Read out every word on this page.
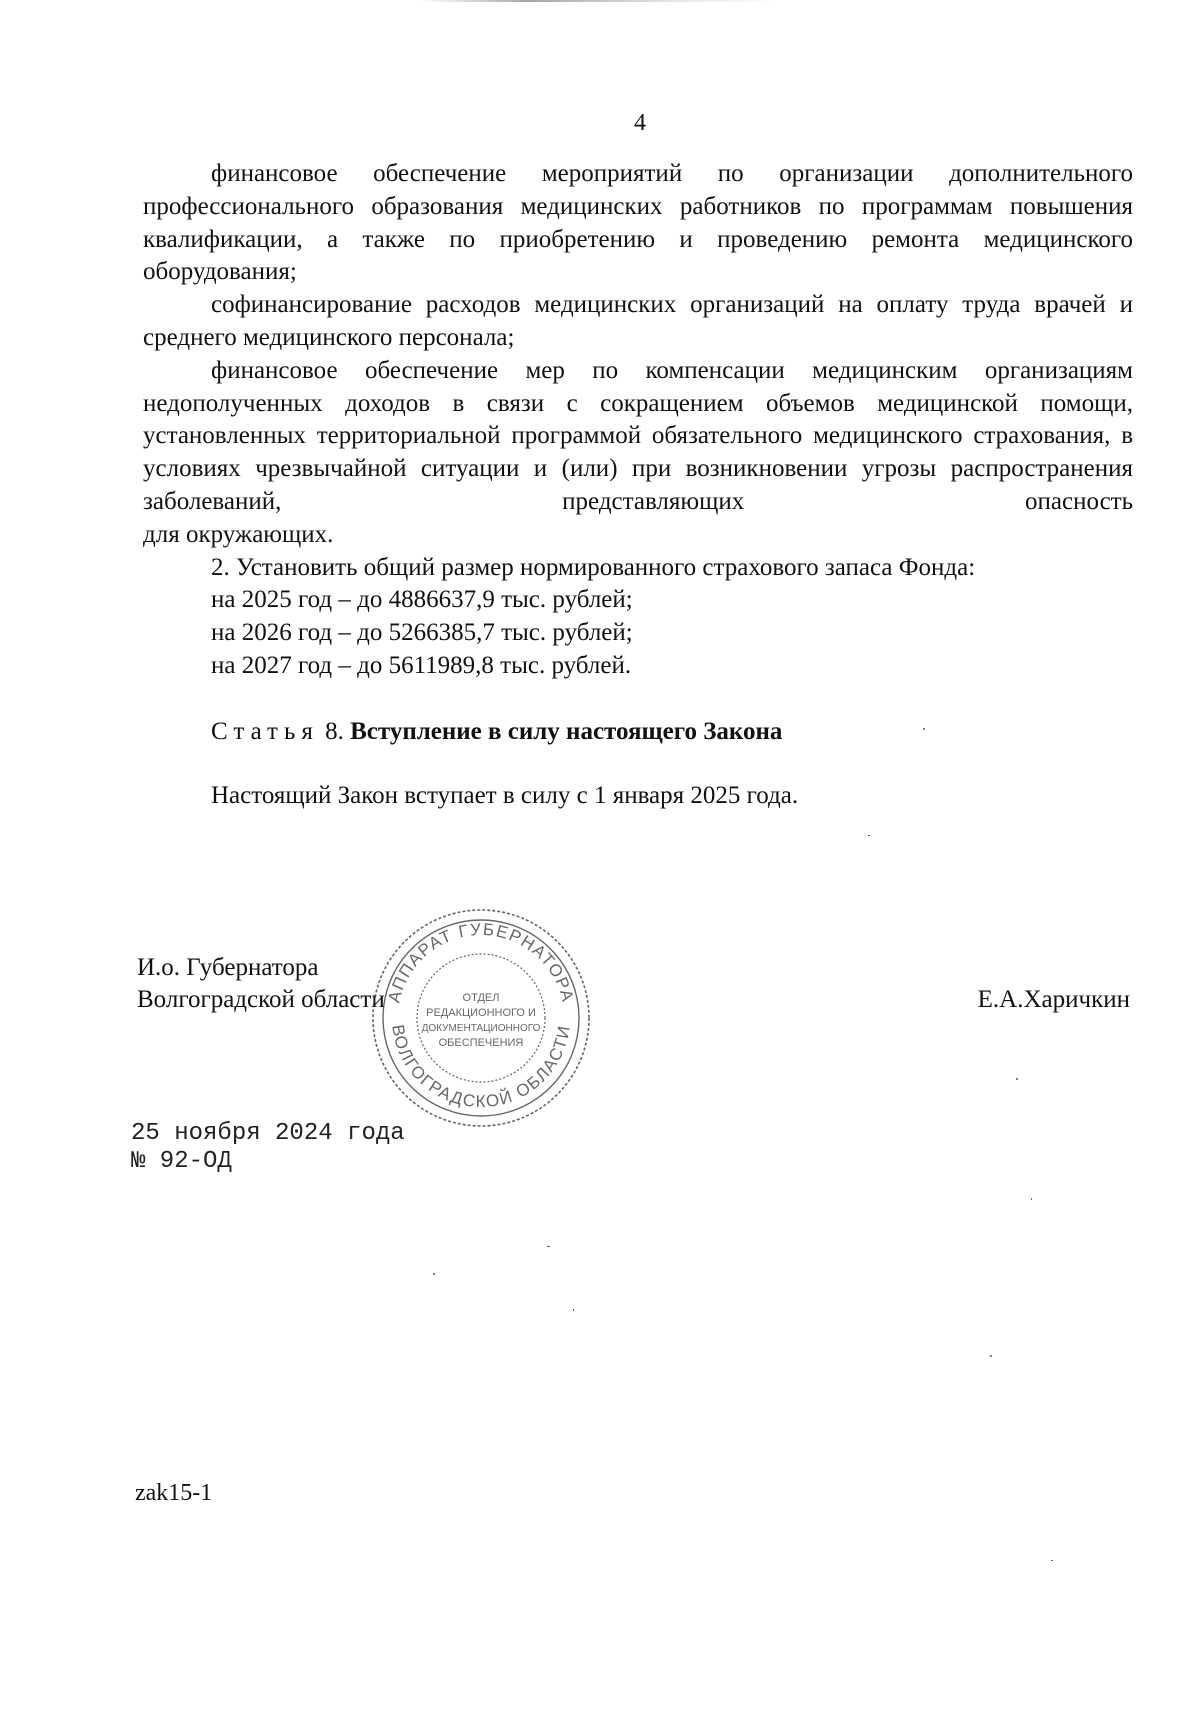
4

финансовое обеспечение мероприятий по организации дополнительного профессионального образования медицинских работников по программам повышения квалификации, а также по приобретению и проведению ремонта медицинского оборудования;

софинансирование расходов медицинских организаций на оплату труда врачей и среднего медицинского персонала;

финансовое обеспечение мер по компенсации медицинским организациям недополученных доходов в связи с сокращением объемов медицинской помощи, установленных территориальной программой обязательного медицинского страхования, в условиях чрезвычайной ситуации и (или) при возникновении угрозы распространения заболеваний, представляющих опасность

для окружающих.

2. Установить общий размер нормированного страхового запаса Фонда:

на 2025 год – до 4886637,9 тыс. рублей;

на 2026 год – до 5266385,7 тыс. рублей;

на 2027 год – до 5611989,8 тыс. рублей.

Статья 8. Вступление в силу настоящего Закона
Настоящий Закон вступает в силу с 1 января 2025 года.
И.о. Губернатора
Волгоградской области	Е.А.Харичкин
АППАРАТ ГУБЕРНАТОРА
ВОЛГОГРАДСКОЙ ОБЛАСТИ
ОТДЕЛ
РЕДАКЦИОННОГО И
ДОКУМЕНТАЦИОННОГО
ОБЕСПЕЧЕНИЯ
25 ноября 2024 года
№ 92-ОД
zak15-1
